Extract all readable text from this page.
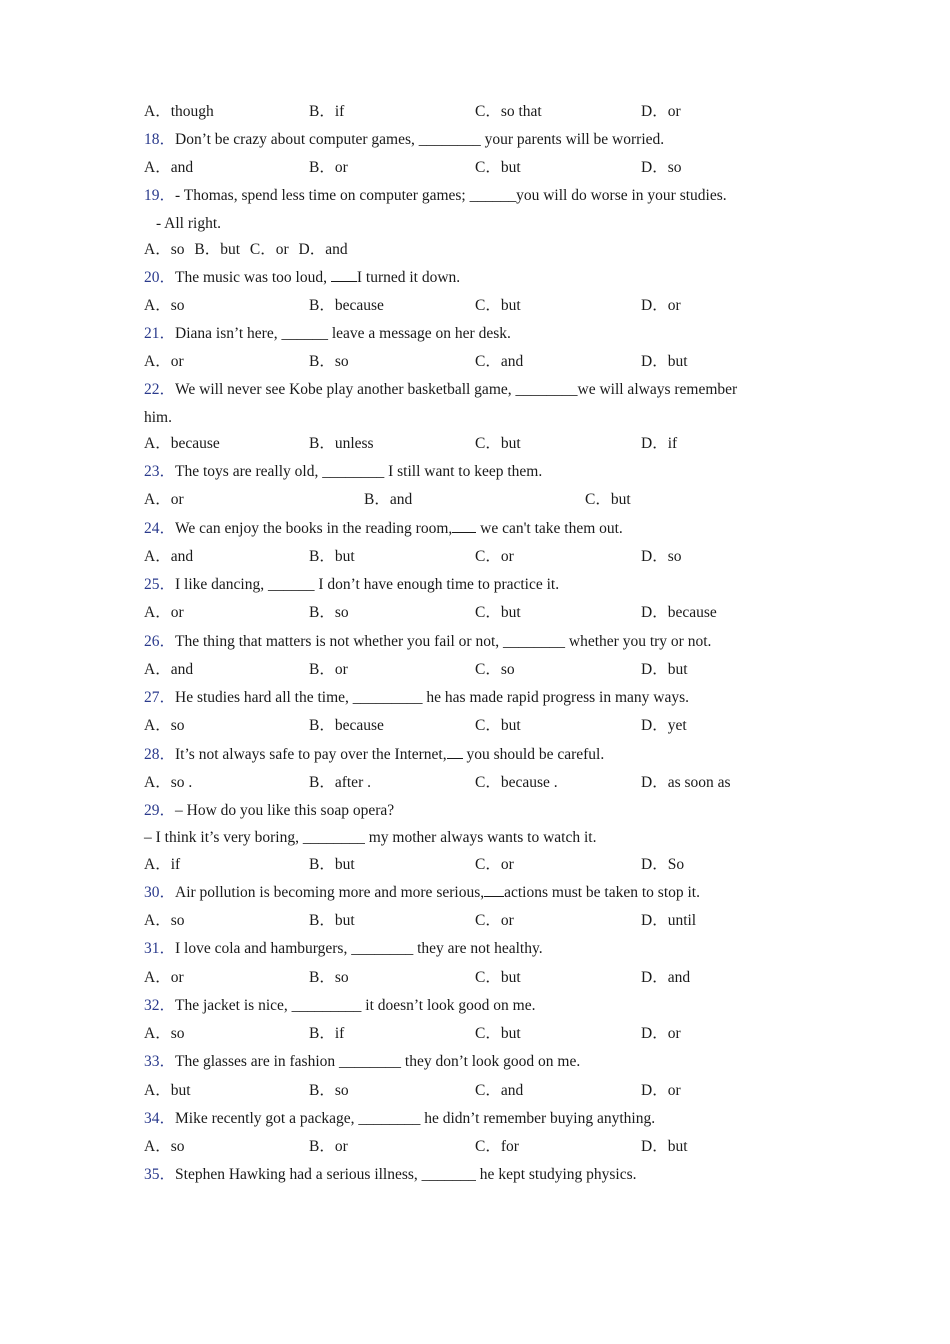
A．though	B．if	C．so that	D．or
18．Don’t be crazy about computer games, ________ your parents will be worried.
A．and	B．or	C．but	D．so
19．- Thomas, spend less time on computer games; ______you will do worse in your studies.
- All right.
A．so B．but C．or D．and
20．The music was too loud, I turned it down.
A．so	B．because	C．but	D．or
21．Diana isn’t here, ______ leave a message on her desk.
A．or	B．so	C．and	D．but
22．We will never see Kobe play another basketball game, ________we will always remember
him.
A．because	B．unless	C．but	D．if
23．The toys are really old, ________ I still want to keep them.
A．or	B．and	C．but
24．We can enjoy the books in the reading room, we can't take them out.
A．and	B．but	C．or	D．so
25．I like dancing, ______ I don’t have enough time to practice it.
A．or	B．so	C．but	D．because
26．The thing that matters is not whether you fail or not, ________ whether you try or not.
A．and	B．or	C．so	D．but
27．He studies hard all the time, _________ he has made rapid progress in many ways.
A．so	B．because	C．but	D．yet
28．It’s not always safe to pay over the Internet, you should be careful.
A．so .	B．after .	C．because .	D．as soon as
29．– How do you like this soap opera?
– I think it’s very boring, ________ my mother always wants to watch it.
A．if	B．but	C．or	D．So
30．Air pollution is becoming more and more serious, actions must be taken to stop it.
A．so	B．but	C．or	D．until
31．I love cola and hamburgers, ________ they are not healthy.
A．or	B．so	C．but	D．and
32．The jacket is nice, _________ it doesn’t look good on me.
A．so	B．if	C．but	D．or
33．The glasses are in fashion ________ they don’t look good on me.
A．but	B．so	C．and	D．or
34．Mike recently got a package, ________ he didn’t remember buying anything.
A．so	B．or	C．for	D．but
35．Stephen Hawking had a serious illness, _______ he kept studying physics.
